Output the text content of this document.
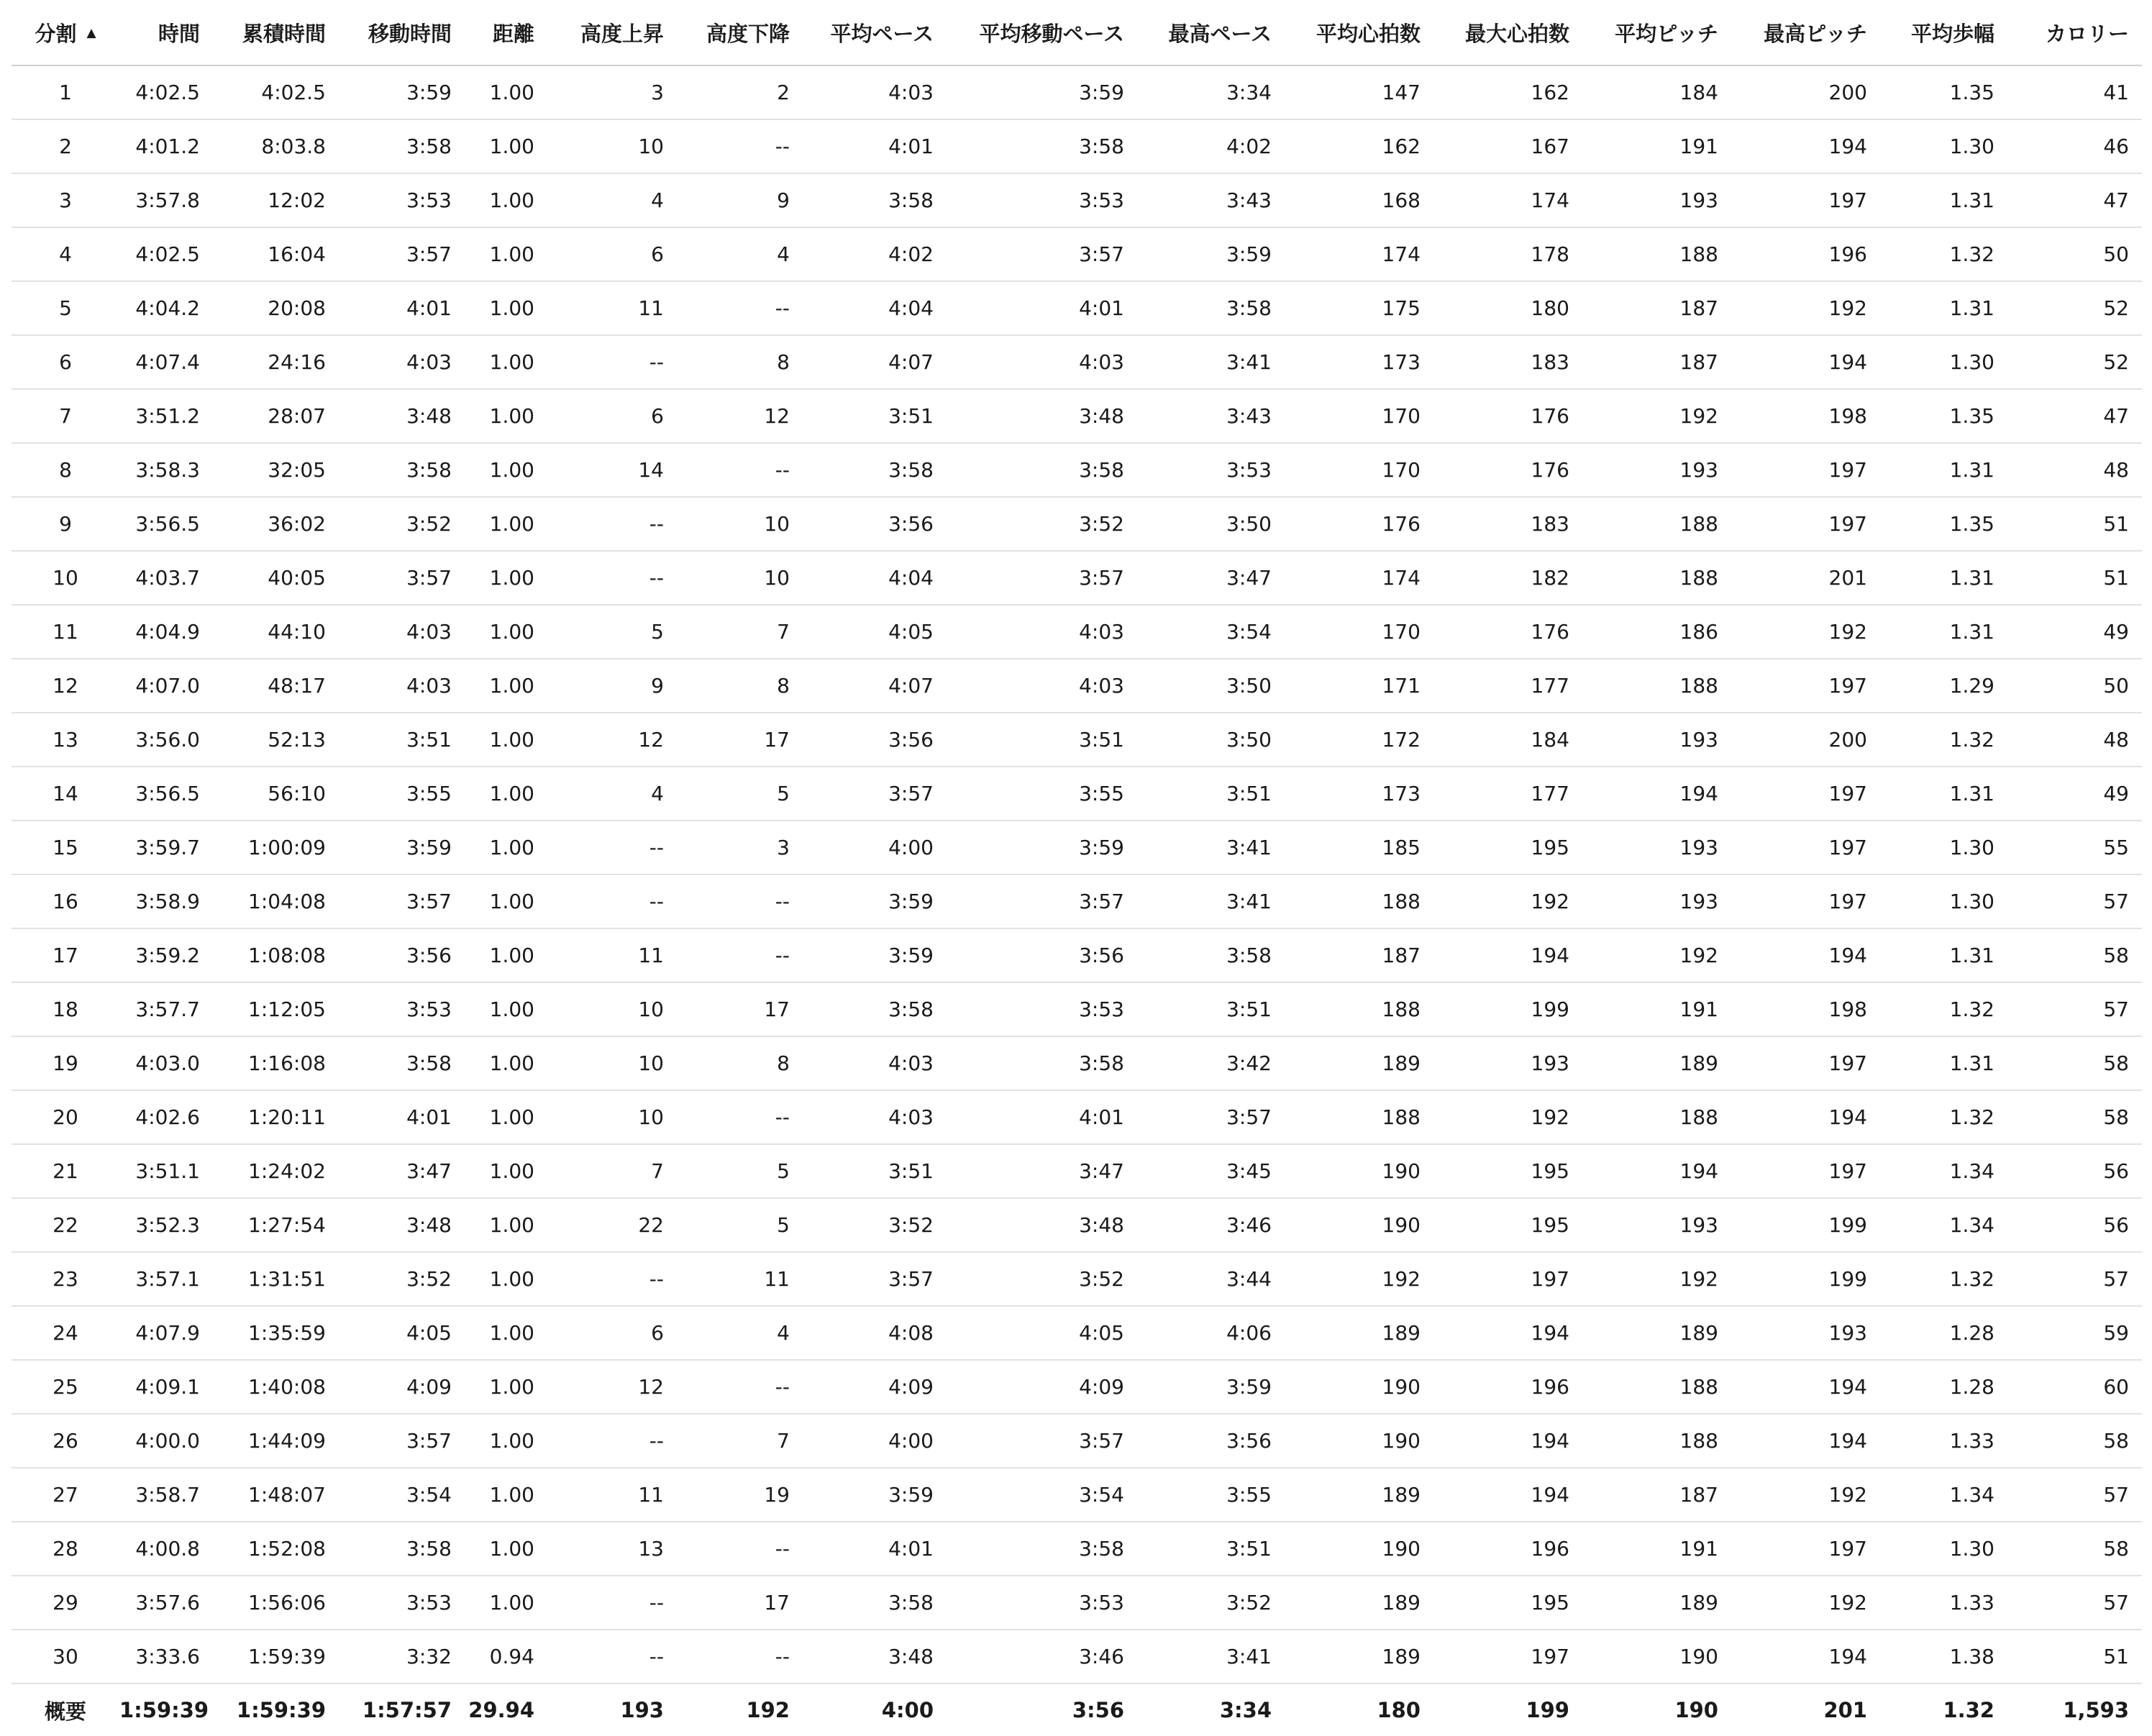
分割 ▲	時間	累積時間	移動時間	距離	高度上昇	高度下降	平均ペース	平均移動ペース	最高ペース	平均心拍数	最大心拍数	平均ピッチ	最高ピッチ	平均歩幅	カロリー
1	4:02.5	4:02.5	3:59	1.00	3	2	4:03	3:59	3:34	147	162	184	200	1.35	41
2	4:01.2	8:03.8	3:58	1.00	10	--	4:01	3:58	4:02	162	167	191	194	1.30	46
3	3:57.8	12:02	3:53	1.00	4	9	3:58	3:53	3:43	168	174	193	197	1.31	47
4	4:02.5	16:04	3:57	1.00	6	4	4:02	3:57	3:59	174	178	188	196	1.32	50
5	4:04.2	20:08	4:01	1.00	11	--	4:04	4:01	3:58	175	180	187	192	1.31	52
6	4:07.4	24:16	4:03	1.00	--	8	4:07	4:03	3:41	173	183	187	194	1.30	52
7	3:51.2	28:07	3:48	1.00	6	12	3:51	3:48	3:43	170	176	192	198	1.35	47
8	3:58.3	32:05	3:58	1.00	14	--	3:58	3:58	3:53	170	176	193	197	1.31	48
9	3:56.5	36:02	3:52	1.00	--	10	3:56	3:52	3:50	176	183	188	197	1.35	51
10	4:03.7	40:05	3:57	1.00	--	10	4:04	3:57	3:47	174	182	188	201	1.31	51
11	4:04.9	44:10	4:03	1.00	5	7	4:05	4:03	3:54	170	176	186	192	1.31	49
12	4:07.0	48:17	4:03	1.00	9	8	4:07	4:03	3:50	171	177	188	197	1.29	50
13	3:56.0	52:13	3:51	1.00	12	17	3:56	3:51	3:50	172	184	193	200	1.32	48
14	3:56.5	56:10	3:55	1.00	4	5	3:57	3:55	3:51	173	177	194	197	1.31	49
15	3:59.7	1:00:09	3:59	1.00	--	3	4:00	3:59	3:41	185	195	193	197	1.30	55
16	3:58.9	1:04:08	3:57	1.00	--	--	3:59	3:57	3:41	188	192	193	197	1.30	57
17	3:59.2	1:08:08	3:56	1.00	11	--	3:59	3:56	3:58	187	194	192	194	1.31	58
18	3:57.7	1:12:05	3:53	1.00	10	17	3:58	3:53	3:51	188	199	191	198	1.32	57
19	4:03.0	1:16:08	3:58	1.00	10	8	4:03	3:58	3:42	189	193	189	197	1.31	58
20	4:02.6	1:20:11	4:01	1.00	10	--	4:03	4:01	3:57	188	192	188	194	1.32	58
21	3:51.1	1:24:02	3:47	1.00	7	5	3:51	3:47	3:45	190	195	194	197	1.34	56
22	3:52.3	1:27:54	3:48	1.00	22	5	3:52	3:48	3:46	190	195	193	199	1.34	56
23	3:57.1	1:31:51	3:52	1.00	--	11	3:57	3:52	3:44	192	197	192	199	1.32	57
24	4:07.9	1:35:59	4:05	1.00	6	4	4:08	4:05	4:06	189	194	189	193	1.28	59
25	4:09.1	1:40:08	4:09	1.00	12	--	4:09	4:09	3:59	190	196	188	194	1.28	60
26	4:00.0	1:44:09	3:57	1.00	--	7	4:00	3:57	3:56	190	194	188	194	1.33	58
27	3:58.7	1:48:07	3:54	1.00	11	19	3:59	3:54	3:55	189	194	187	192	1.34	57
28	4:00.8	1:52:08	3:58	1.00	13	--	4:01	3:58	3:51	190	196	191	197	1.30	58
29	3:57.6	1:56:06	3:53	1.00	--	17	3:58	3:53	3:52	189	195	189	192	1.33	57
30	3:33.6	1:59:39	3:32	0.94	--	--	3:48	3:46	3:41	189	197	190	194	1.38	51
概要	1:59:39	1:59:39	1:57:57	29.94	193	192	4:00	3:56	3:34	180	199	190	201	1.32	1,593
